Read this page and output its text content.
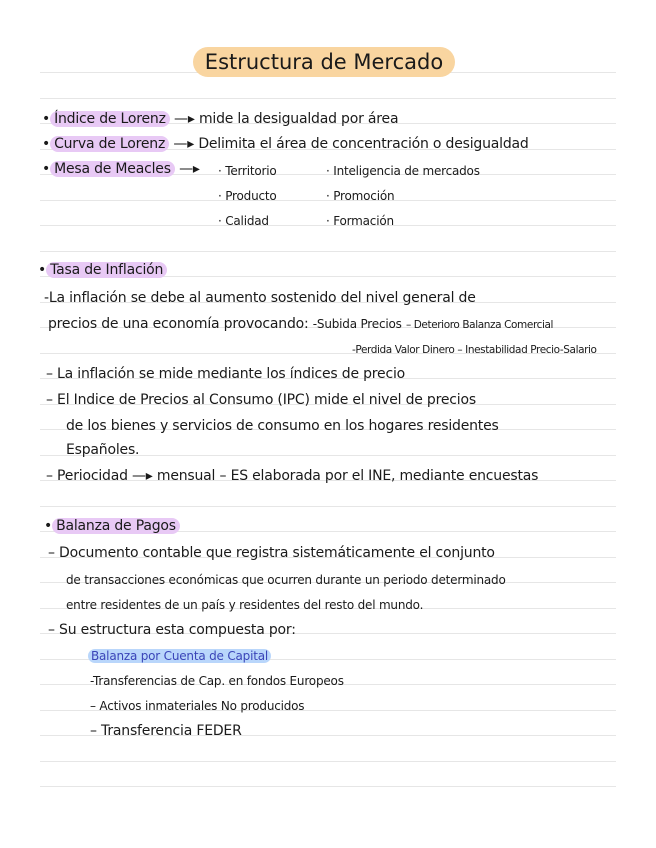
Estructura de Mercado
• Índice de Lorenz —▸ mide la desigualdad por área
• Curva de Lorenz —▸ Delimita el área de concentración o desigualdad
• Mesa de Meacles —▸ · Territorio
· Producto
· Calidad
· Inteligencia de mercados
· Promoción
· Formación
• Tasa de Inflación
-La inflación se debe al aumento sostenido del nivel general de
precios de una economía provocando: -Subida Precios – Deterioro Balanza Comercial
-Perdida Valor Dinero – Inestabilidad Precio-Salario
– La inflación se mide mediante los índices de precio
– El Indice de Precios al Consumo (IPC) mide el nivel de precios
de los bienes y servicios de consumo en los hogares residentes
Españoles.
– Periocidad —▸ mensual – ES elaborada por el INE, mediante encuestas
• Balanza de Pagos
– Documento contable que registra sistemáticamente el conjunto
de transacciones económicas que ocurren durante un periodo determinado
entre residentes de un país y residentes del resto del mundo.
– Su estructura esta compuesta por:
Balanza por Cuenta de Capital
-Transferencias de Cap. en fondos Europeos
– Activos inmateriales No producidos
– Transferencia FEDER
